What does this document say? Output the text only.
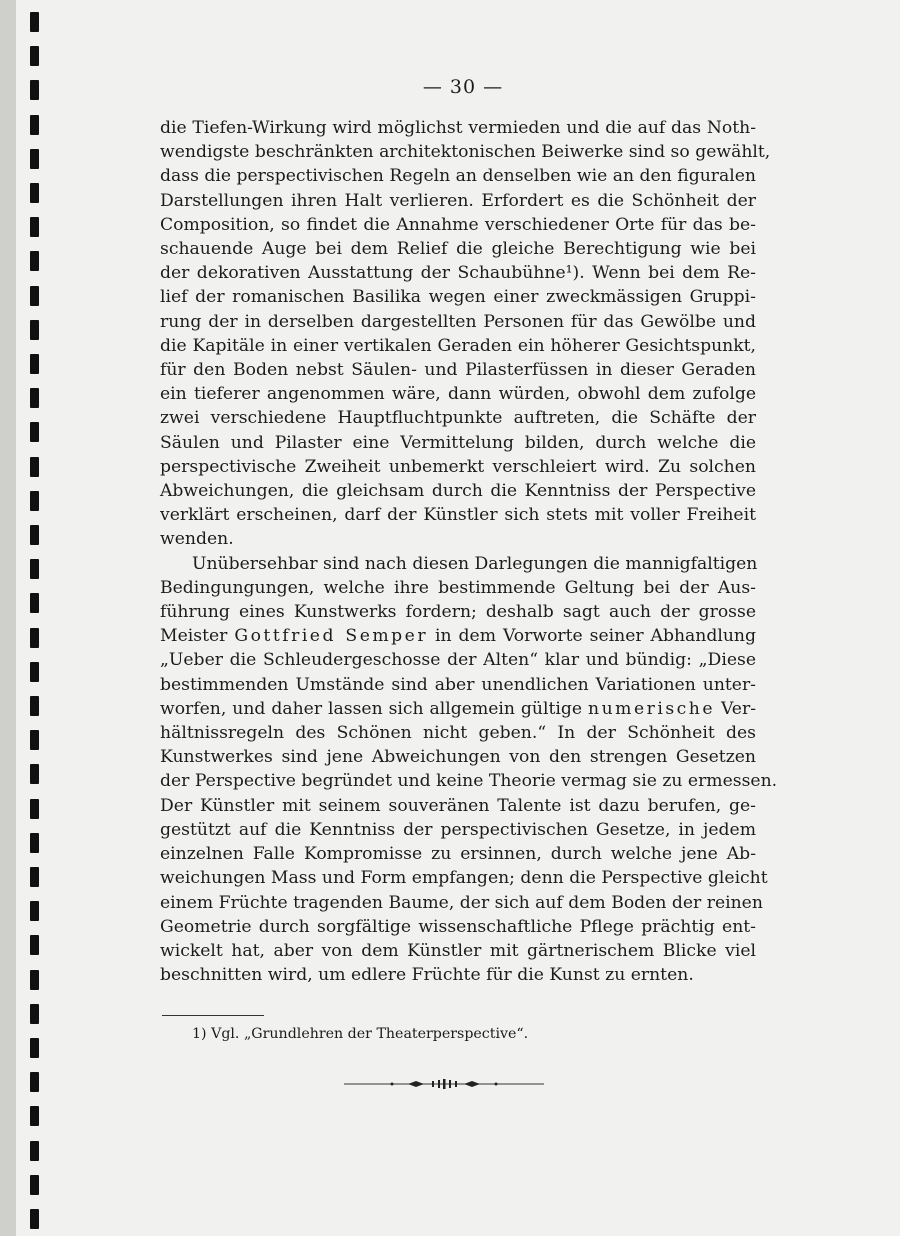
— 30 —
die Tiefen-Wirkung wird möglichst vermieden und die auf das Noth-
wendigste beschränkten architektonischen Beiwerke sind so gewählt,
dass die perspectivischen Regeln an denselben wie an den figuralen
Darstellungen ihren Halt verlieren. Erfordert es die Schönheit der
Composition, so findet die Annahme verschiedener Orte für das be-
schauende Auge bei dem Relief die gleiche Berechtigung wie bei
der dekorativen Ausstattung der Schaubühne¹). Wenn bei dem Re-
lief der romanischen Basilika wegen einer zweckmässigen Gruppi-
rung der in derselben dargestellten Personen für das Gewölbe und
die Kapitäle in einer vertikalen Geraden ein höherer Gesichtspunkt,
für den Boden nebst Säulen- und Pilasterfüssen in dieser Geraden
ein tieferer angenommen wäre, dann würden, obwohl dem zufolge
zwei verschiedene Hauptfluchtpunkte auftreten, die Schäfte der
Säulen und Pilaster eine Vermittelung bilden, durch welche die
perspectivische Zweiheit unbemerkt verschleiert wird. Zu solchen
Abweichungen, die gleichsam durch die Kenntniss der Perspective
verklärt erscheinen, darf der Künstler sich stets mit voller Freiheit
wenden.
Unübersehbar sind nach diesen Darlegungen die mannigfaltigen
Bedingungungen, welche ihre bestimmende Geltung bei der Aus-
führung eines Kunstwerks fordern; deshalb sagt auch der grosse
Meister Gottfried Semper in dem Vorworte seiner Abhandlung
„Ueber die Schleudergeschosse der Alten“ klar und bündig: „Diese
bestimmenden Umstände sind aber unendlichen Variationen unter-
worfen, und daher lassen sich allgemein gültige numerische Ver-
hältnissregeln des Schönen nicht geben.“ In der Schönheit des
Kunstwerkes sind jene Abweichungen von den strengen Gesetzen
der Perspective begründet und keine Theorie vermag sie zu ermessen.
Der Künstler mit seinem souveränen Talente ist dazu berufen, ge-
gestützt auf die Kenntniss der perspectivischen Gesetze, in jedem
einzelnen Falle Kompromisse zu ersinnen, durch welche jene Ab-
weichungen Mass und Form empfangen; denn die Perspective gleicht
einem Früchte tragenden Baume, der sich auf dem Boden der reinen
Geometrie durch sorgfältige wissenschaftliche Pflege prächtig ent-
wickelt hat, aber von dem Künstler mit gärtnerischem Blicke viel
beschnitten wird, um edlere Früchte für die Kunst zu ernten.
1) Vgl. „Grundlehren der Theaterperspective“.
